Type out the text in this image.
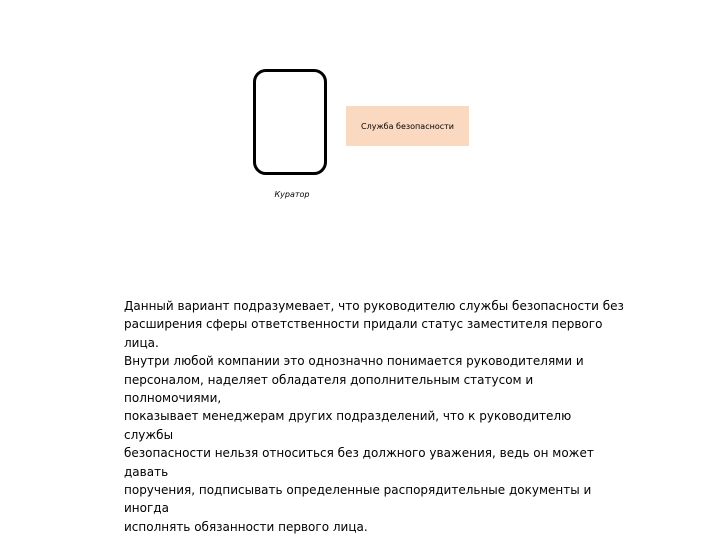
Куратор
Служба безопасности
Данный вариант подразумевает, что руководителю службы безопасности без
расширения сферы ответственности придали статус заместителя первого лица.
Внутри любой компании это однозначно понимается руководителями и
персоналом, наделяет обладателя дополнительным статусом и полномочиями,
показывает менеджерам других подразделений, что к руководителю службы
безопасности нельзя относиться без должного уважения, ведь он может давать
поручения, подписывать определенные распорядительные документы и иногда
исполнять обязанности первого лица.
